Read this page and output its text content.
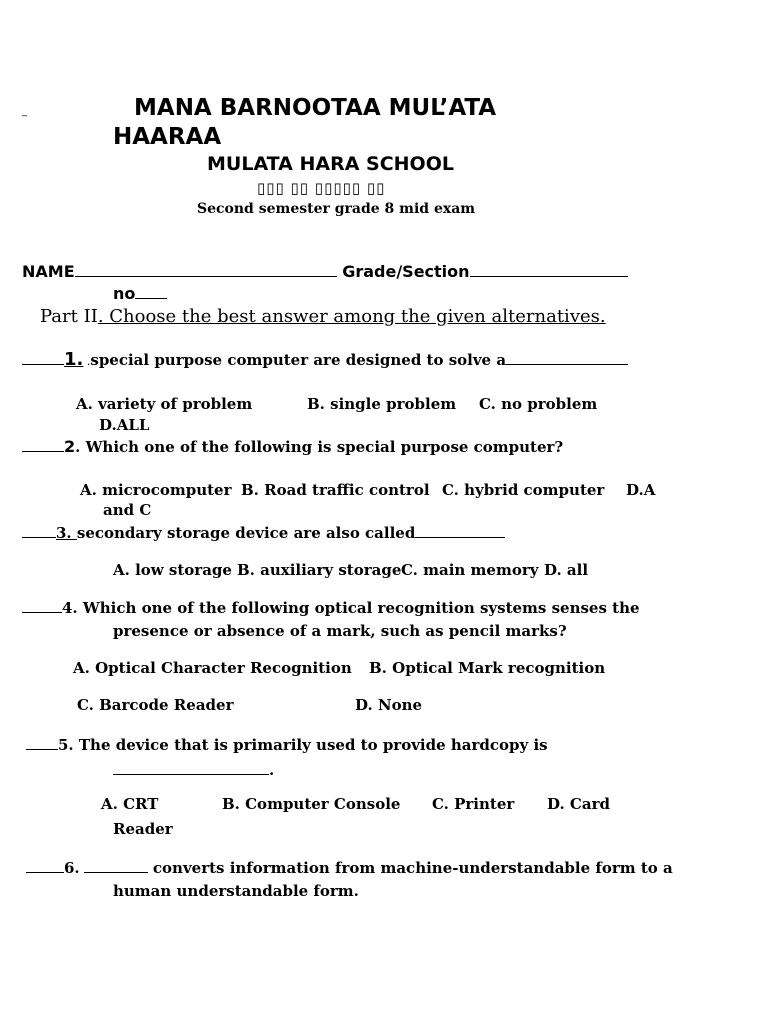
_	MANA BARNOOTAA MUL’ATA
HAARAA
MULATA HARA SCHOOL
▯▯▯ ▯▯ ▯▯▯▯▯ ▯▯
Second semester grade 8 mid exam
NAME	Grade/Section
no
Part II. Choose the best answer among the given alternatives.
1. .special purpose computer are designed to solve a
A. variety of problem	B. single problem C. no problem
D.ALL
2. Which one of the following is special purpose computer?
A. microcomputer B. Road traffic control C. hybrid computer D.A
and C
3. secondary storage device are also called
A. low storage B. auxiliary storage C. main memory D. all
4. Which one of the following optical recognition systems senses the
presence or absence of a mark, such as pencil marks?
A. Optical Character Recognition B. Optical Mark recognition
C. Barcode Reader	D. None
5. The device that is primarily used to provide hardcopy is
.
A. CRT	B. Computer Console C. Printer D. Card
Reader
6.	converts information from machine-understandable form to a
human understandable form.
